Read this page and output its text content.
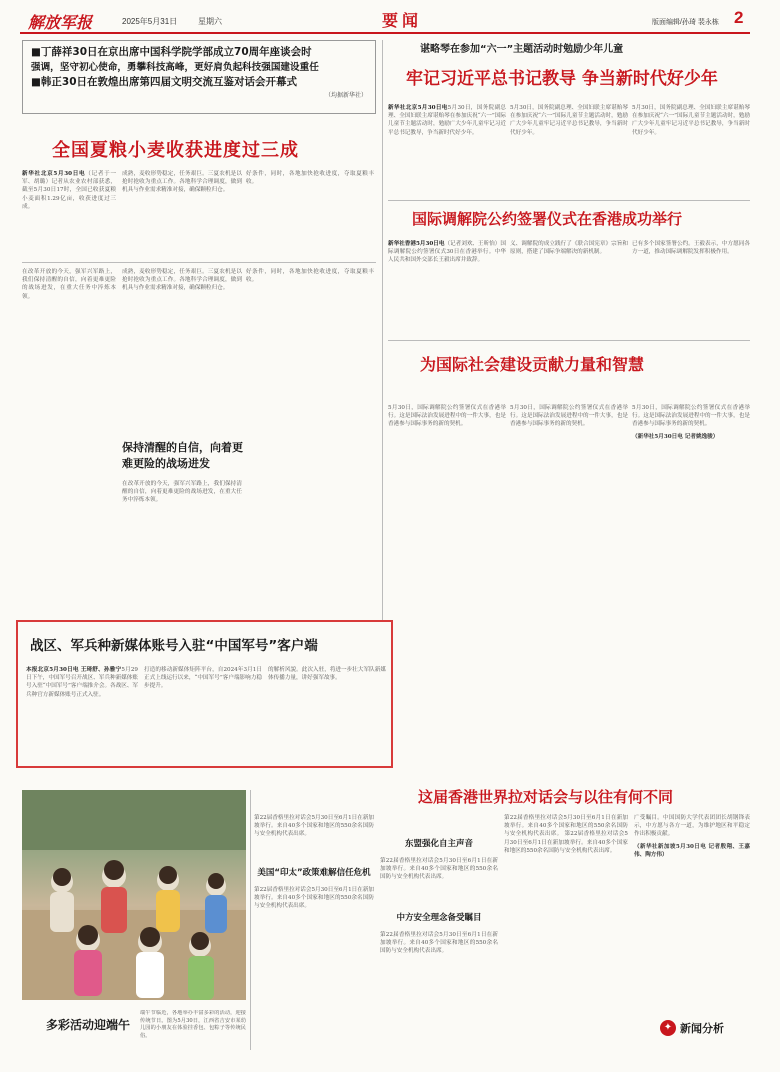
解放军报	2025年5月31日	星期六	要闻	版面编辑/孙琦 裴永栋 2
■丁薛祥30日在京出席中国科学院学部成立70周年座谈会时
强调，坚守初心使命，勇攀科技高峰，更好肩负起科技强国建设重任
■韩正30日在敦煌出席第四届文明交流互鉴对话会开幕式
（均据新华社）
全国夏粮小麦收获进度过三成
新华社北京5月30日电（记者于一军、胡璐）记者从农业农村部获悉，截至5月30日17时，全国已收获夏粮小麦面积1.29亿亩，收获进度过三成。
成熟，麦收形势稳定，任务艰巨。三夏农机是以抢时抢收为重点工作。各地科学合理调度，做到机具与作业需求精准对接，确保颗粒归仓。
好条件，同时，各地加快抢收进度，夺取夏粮丰收。
在改革开放的今天，强军兴军路上，我们保持清醒的自信，向着更难更险的战场进发，在重大任务中淬炼本领。
成熟，麦收形势稳定，任务艰巨。三夏农机是以抢时抢收为重点工作。各地科学合理调度，做到机具与作业需求精准对接，确保颗粒归仓。
保持清醒的自信，向着更难更险的战场进发
在改革开放的今天，强军兴军路上，我们保持清醒的自信，向着更难更险的战场进发，在重大任务中淬炼本领。
好条件，同时，各地加快抢收进度，夺取夏粮丰收。
谌略琴在参加“六一”主题活动时勉励少年儿童
牢记习近平总书记教导 争当新时代好少年
新华社北京5月30日电5月30日，国务院副总理、全国妇联主席谌贻琴在参加庆祝“六一”国际儿童节主题活动时，勉励广大少年儿童牢记习近平总书记教导，争当新时代好少年。
5月30日，国务院副总理、全国妇联主席谌贻琴在参加庆祝“六一”国际儿童节主题活动时，勉励广大少年儿童牢记习近平总书记教导，争当新时代好少年。
5月30日，国务院副总理、全国妇联主席谌贻琴在参加庆祝“六一”国际儿童节主题活动时，勉励广大少年儿童牢记习近平总书记教导，争当新时代好少年。
国际调解院公约签署仪式在香港成功举行
新华社香港5月30日电（记者刘欢、王昕怡）国际调解院公约签署仪式30日在香港举行。中华人民共和国外交部长王毅出席并致辞。
义、调解院的成立践行了《联合国宪章》宗旨和原则，搭建了国际争端解决的新机制。
已有多个国家签署公约。王毅表示，中方愿同各方一道，推动国际调解院发挥积极作用。
为国际社会建设贡献力量和智慧
5月30日，国际调解院公约签署仪式在香港举行。这是国际法治发展进程中的一件大事，也是香港参与国际事务的新的契机。
5月30日，国际调解院公约签署仪式在香港举行。这是国际法治发展进程中的一件大事，也是香港参与国际事务的新的契机。
5月30日，国际调解院公约签署仪式在香港举行。这是国际法治发展进程中的一件大事，也是香港参与国际事务的新的契机。
（新华社5月30日电 记者姚逸骏）
战区、军兵种新媒体账号入驻“中国军号”客户端
本报北京5月30日电 王琦舒、孙雅宁5月29日下午，中国军号召开战区、军兵种新媒体账号入驻“中国军号”客户端推介会。各战区、军兵种官方新媒体账号正式入驻。
打造的移动新媒体矩阵平台，自2024年3月1日正式上线运行以来，“中国军号”客户端影响力稳步提升。
的解析风貌。此次入驻，将进一步壮大军队新媒体传播力量，讲好强军故事。
这届香港世界拉对话会与以往有何不同
第22届香格里拉对话会5月30日至6月1日在新加坡举行。来自40多个国家和地区的550余名国防与安全机构代表出席。
美国“印太”政策难解信任危机
第22届香格里拉对话会5月30日至6月1日在新加坡举行。来自40多个国家和地区的550余名国防与安全机构代表出席。
东盟强化自主声音
第22届香格里拉对话会5月30日至6月1日在新加坡举行。来自40多个国家和地区的550余名国防与安全机构代表出席。
中方安全理念备受瞩目
第22届香格里拉对话会5月30日至6月1日在新加坡举行。来自40多个国家和地区的550余名国防与安全机构代表出席。
第22届香格里拉对话会5月30日至6月1日在新加坡举行。来自40多个国家和地区的550余名国防与安全机构代表出席。 第22届香格里拉对话会5月30日至6月1日在新加坡举行。来自40多个国家和地区的550余名国防与安全机构代表出席。
广受瞩目。中国国防大学代表团团长胡钢锋表示，中方愿与各方一道，为维护地区和平稳定作出积极贡献。
（新华社新加坡5月30日电 记者殷翔、王嘉伟、陶方伟）
✦ 新闻分析
多彩活动迎端午
端午节临近，各地举办丰富多彩的活动，迎接传统节日。图为5月30日，江西省吉安市某幼儿园的小朋友在体验挂香包、包粽子等传统民俗。
